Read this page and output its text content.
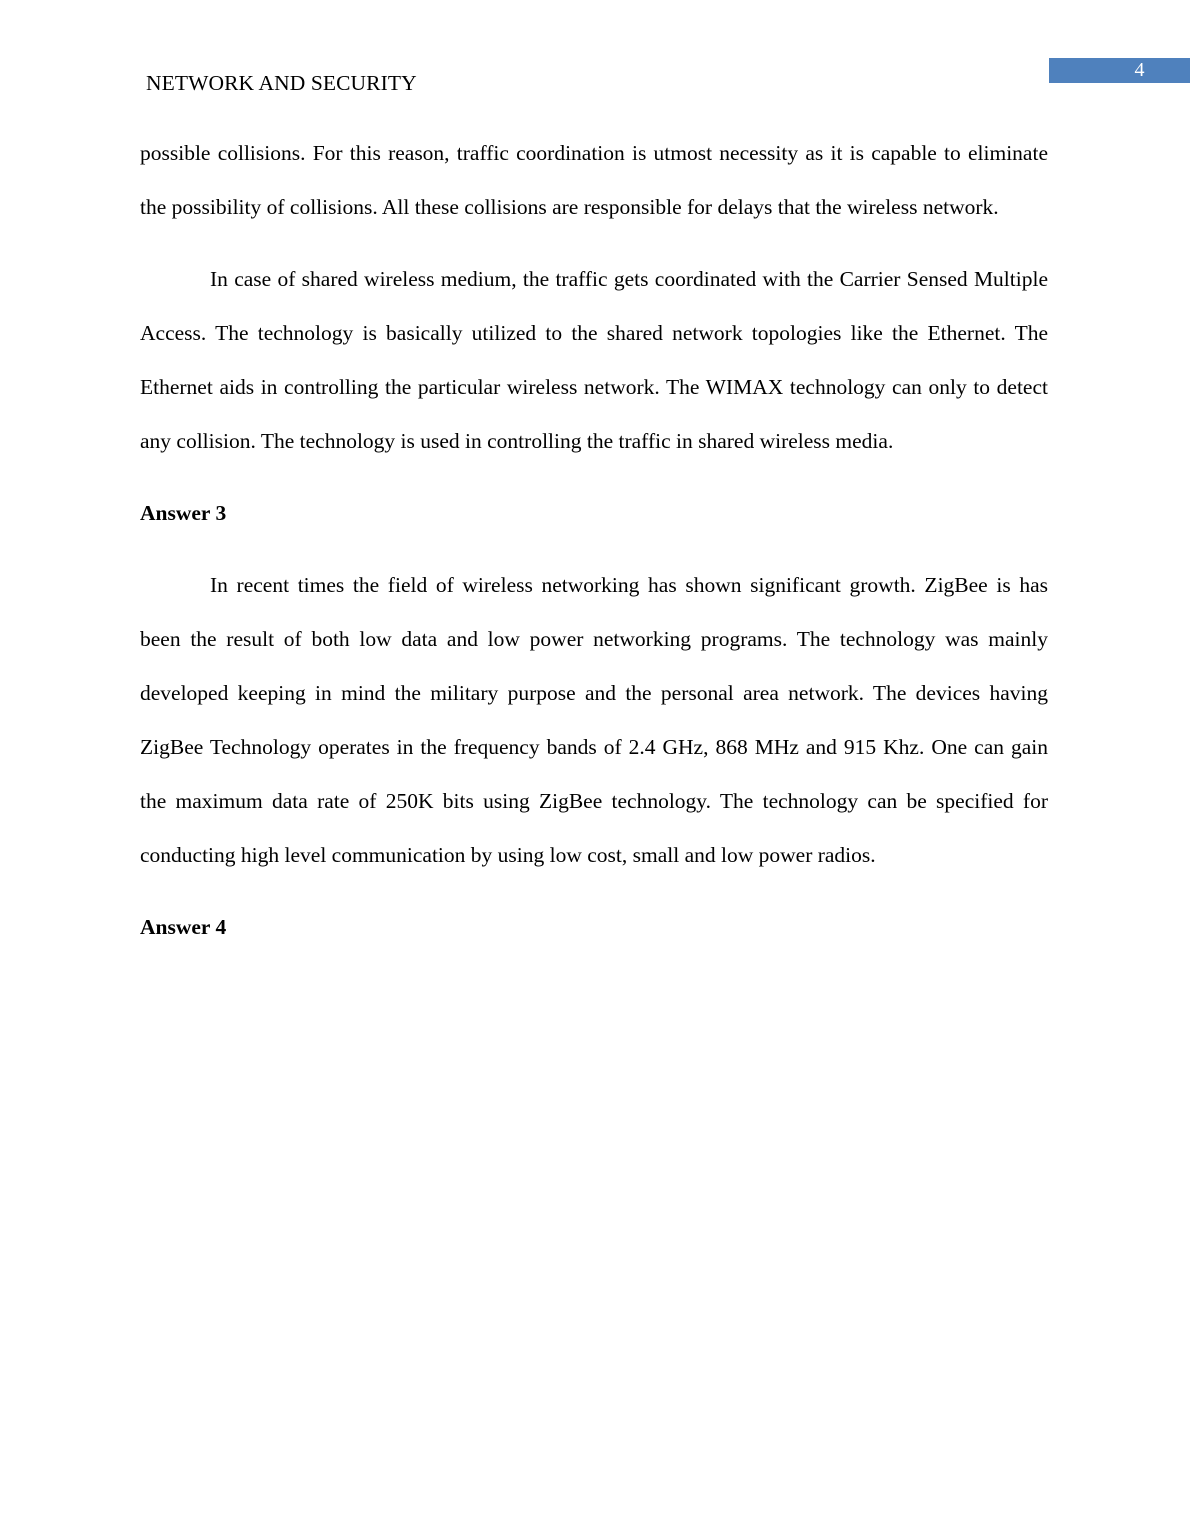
4
NETWORK AND SECURITY

possible collisions. For this reason, traffic coordination is utmost necessity as it is capable to eliminate the possibility of collisions. All these collisions are responsible for delays that the wireless network.

In case of shared wireless medium, the traffic gets coordinated with the Carrier Sensed Multiple Access. The technology is basically utilized to the shared network topologies like the Ethernet. The Ethernet aids in controlling the particular wireless network. The WIMAX technology can only to detect any collision. The technology is used in controlling the traffic in shared wireless media.

Answer 3

In recent times the field of wireless networking has shown significant growth. ZigBee is has been the result of both low data and low power networking programs. The technology was mainly developed keeping in mind the military purpose and the personal area network. The devices having ZigBee Technology operates in the frequency bands of 2.4 GHz, 868 MHz and 915 Khz. One can gain the maximum data rate of 250K bits using ZigBee technology. The technology can be specified for conducting high level communication by using low cost, small and low power radios.

Answer 4
